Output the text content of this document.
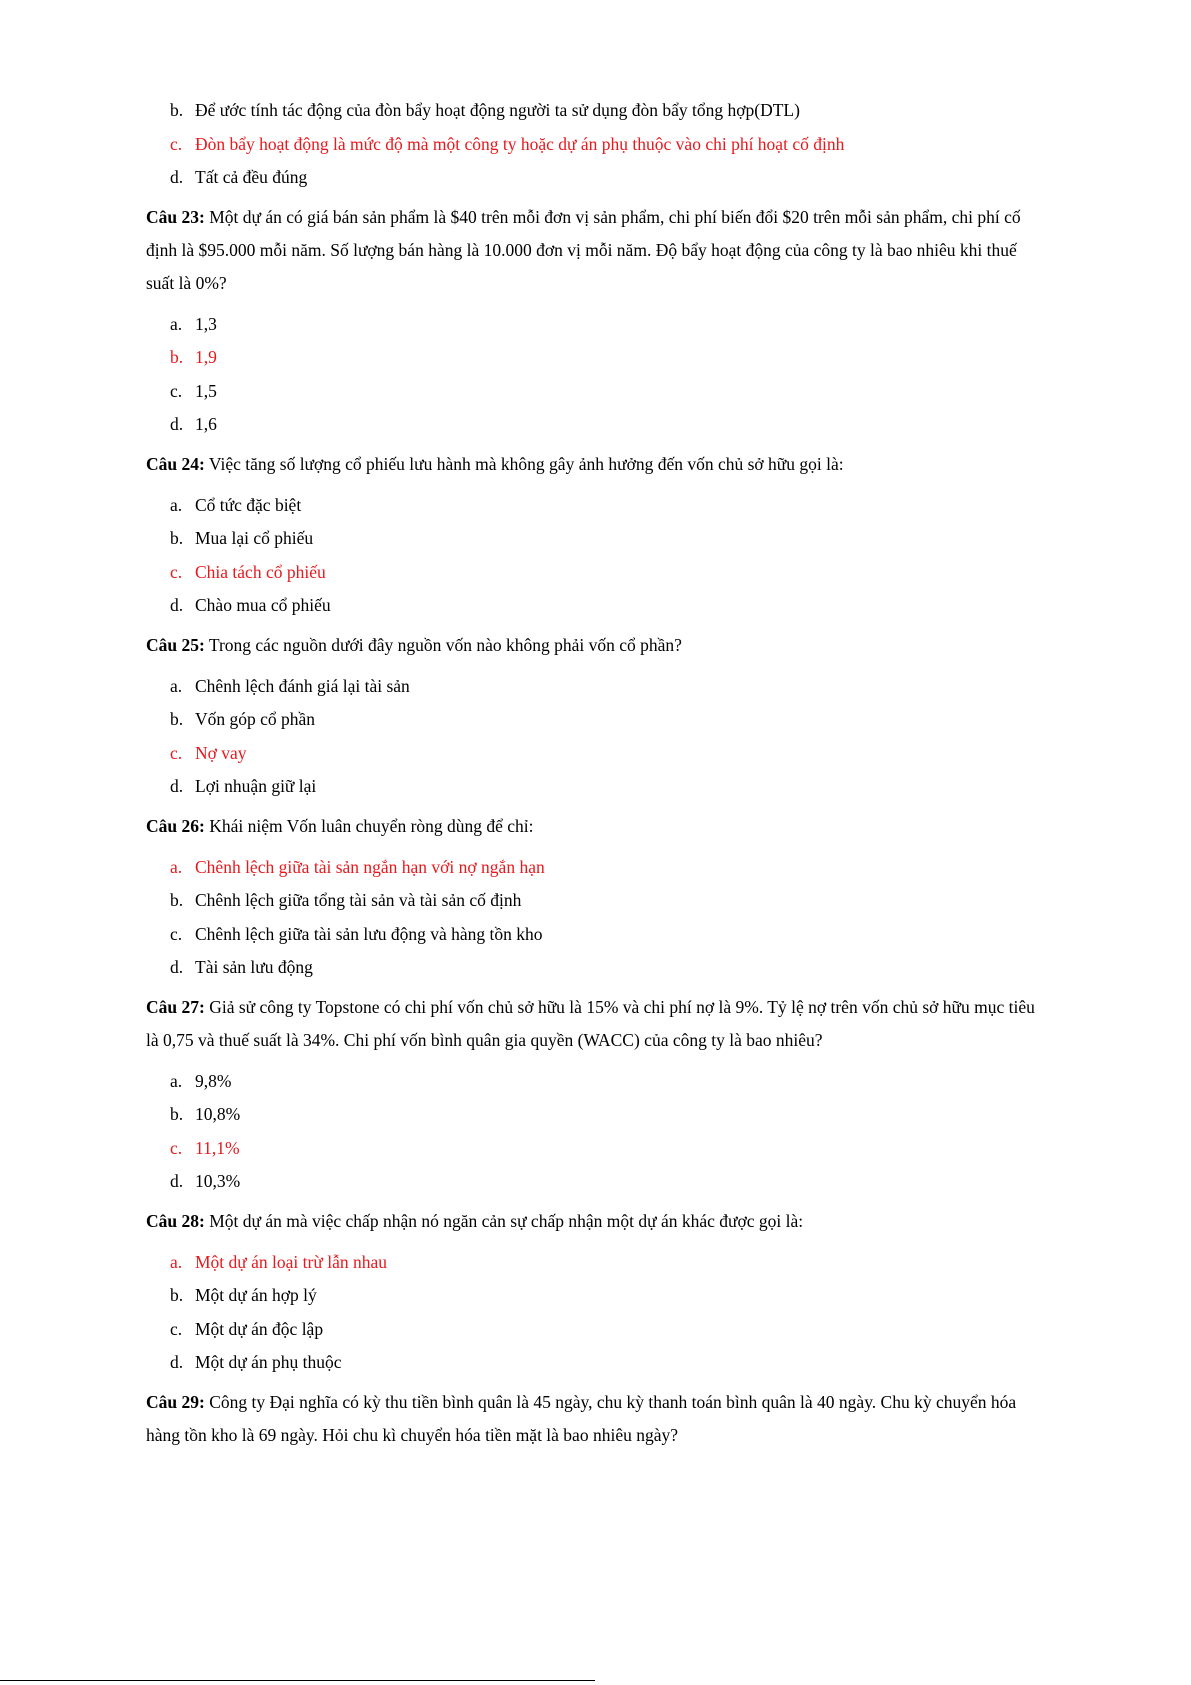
b. Để ước tính tác động của đòn bẩy hoạt động người ta sử dụng đòn bẩy tổng hợp(DTL)
c. Đòn bẩy hoạt động là mức độ mà một công ty hoặc dự án phụ thuộc vào chi phí hoạt cố định
d. Tất cả đều đúng
Câu 23: Một dự án có giá bán sản phẩm là $40 trên mỗi đơn vị sản phẩm, chi phí biến đổi $20 trên mỗi sản phẩm, chi phí cố định là $95.000 mỗi năm. Số lượng bán hàng là 10.000 đơn vị mỗi năm. Độ bẩy hoạt động của công ty là bao nhiêu khi thuế suất là 0%?
a. 1,3
b. 1,9
c. 1,5
d. 1,6
Câu 24: Việc tăng số lượng cổ phiếu lưu hành mà không gây ảnh hưởng đến vốn chủ sở hữu gọi là:
a. Cổ tức đặc biệt
b. Mua lại cổ phiếu
c. Chia tách cổ phiếu
d. Chào mua cổ phiếu
Câu 25: Trong các nguồn dưới đây nguồn vốn nào không phải vốn cổ phần?
a. Chênh lệch đánh giá lại tài sản
b. Vốn góp cổ phần
c. Nợ vay
d. Lợi nhuận giữ lại
Câu 26: Khái niệm Vốn luân chuyển ròng dùng để chỉ:
a. Chênh lệch giữa tài sản ngắn hạn với nợ ngắn hạn
b. Chênh lệch giữa tổng tài sản và tài sản cố định
c. Chênh lệch giữa tài sản lưu động và hàng tồn kho
d. Tài sản lưu động
Câu 27: Giả sử công ty Topstone có chi phí vốn chủ sở hữu là 15% và chi phí nợ là 9%. Tỷ lệ nợ trên vốn chủ sở hữu mục tiêu là 0,75 và thuế suất là 34%. Chi phí vốn bình quân gia quyền (WACC) của công ty là bao nhiêu?
a. 9,8%
b. 10,8%
c. 11,1%
d. 10,3%
Câu 28: Một dự án mà việc chấp nhận nó ngăn cản sự chấp nhận một dự án khác được gọi là:
a. Một dự án loại trừ lẫn nhau
b. Một dự án hợp lý
c. Một dự án độc lập
d. Một dự án phụ thuộc
Câu 29: Công ty Đại nghĩa có kỳ thu tiền bình quân là 45 ngày, chu kỳ thanh toán bình quân là 40 ngày. Chu kỳ chuyển hóa hàng tồn kho là 69 ngày. Hỏi chu kì chuyển hóa tiền mặt là bao nhiêu ngày?
